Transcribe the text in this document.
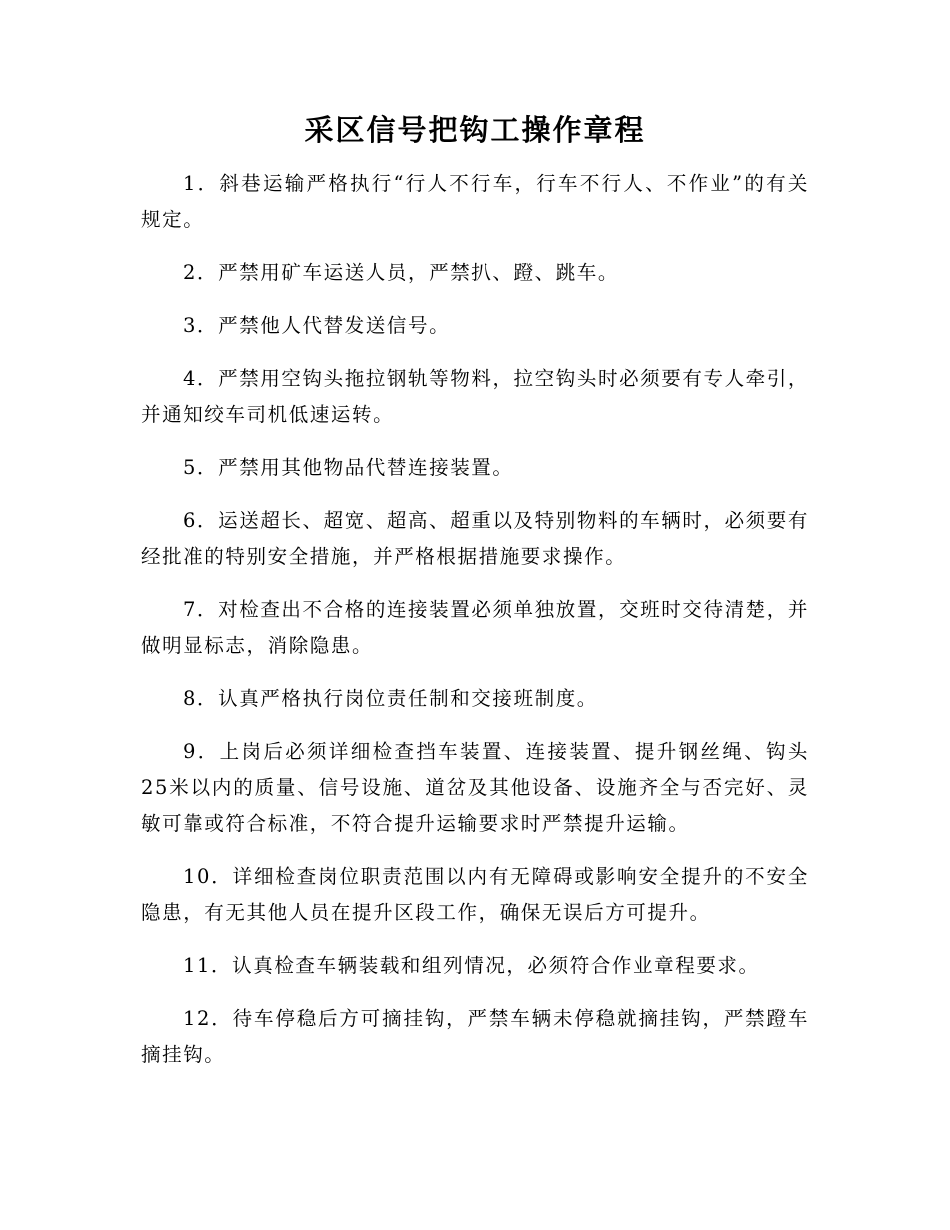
采区信号把钩工操作章程

1．斜巷运输严格执行“行人不行车，行车不行人、不作业”的有关规定。

2．严禁用矿车运送人员，严禁扒、蹬、跳车。

3．严禁他人代替发送信号。

4．严禁用空钩头拖拉钢轨等物料，拉空钩头时必须要有专人牵引，并通知绞车司机低速运转。

5．严禁用其他物品代替连接装置。

6．运送超长、超宽、超高、超重以及特别物料的车辆时，必须要有经批准的特别安全措施，并严格根据措施要求操作。

7．对检查出不合格的连接装置必须单独放置，交班时交待清楚，并做明显标志，消除隐患。

8．认真严格执行岗位责任制和交接班制度。

9．上岗后必须详细检查挡车装置、连接装置、提升钢丝绳、钩头25米以内的质量、信号设施、道岔及其他设备、设施齐全与否完好、灵敏可靠或符合标准，不符合提升运输要求时严禁提升运输。

10．详细检查岗位职责范围以内有无障碍或影响安全提升的不安全隐患，有无其他人员在提升区段工作，确保无误后方可提升。

11．认真检查车辆装载和组列情况，必须符合作业章程要求。

12．待车停稳后方可摘挂钩，严禁车辆未停稳就摘挂钩，严禁蹬车摘挂钩。
